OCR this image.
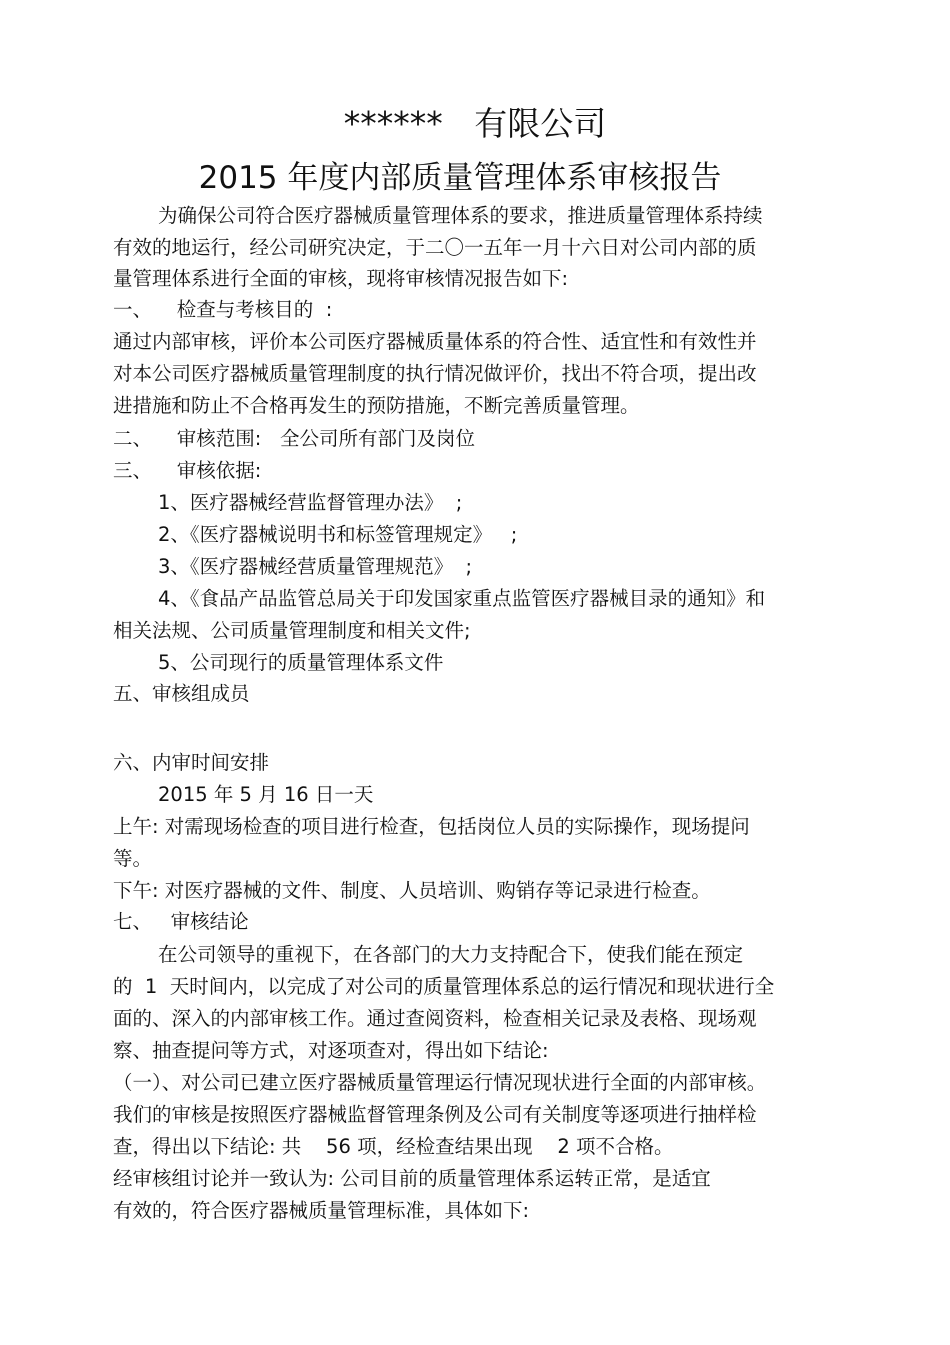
******   有限公司
2015 年度内部质量管理体系审核报告
为确保公司符合医疗器械质量管理体系的要求，推进质量管理体系持续
有效的地运行，经公司研究决定，于二〇一五年一月十六日对公司内部的质
量管理体系进行全面的审核，现将审核情况报告如下:
一、    检查与考核目的  :
通过内部审核，评价本公司医疗器械质量体系的符合性、适宜性和有效性并
对本公司医疗器械质量管理制度的执行情况做评价，找出不符合项，提出改
进措施和防止不合格再发生的预防措施，不断完善质量管理。
二、    审核范围:   全公司所有部门及岗位
三、    审核依据:
1、医疗器械经营监督管理办法》  ;
2、《医疗器械说明书和标签管理规定》   ;
3、《医疗器械经营质量管理规范》  ;
4、《食品产品监管总局关于印发国家重点监管医疗器械目录的通知》和
相关法规、公司质量管理制度和相关文件;
5、公司现行的质量管理体系文件
五、审核组成员
六、内审时间安排
2015 年 5 月 16 日一天
上午: 对需现场检查的项目进行检查，包括岗位人员的实际操作，现场提问
等。
下午: 对医疗器械的文件、制度、人员培训、购销存等记录进行检查。
七、   审核结论
在公司领导的重视下，在各部门的大力支持配合下，使我们能在预定
的  1  天时间内，以完成了对公司的质量管理体系总的运行情况和现状进行全
面的、深入的内部审核工作。通过查阅资料，检查相关记录及表格、现场观
察、抽查提问等方式，对逐项查对，得出如下结论:
（一）、对公司已建立医疗器械质量管理运行情况现状进行全面的内部审核。
我们的审核是按照医疗器械监督管理条例及公司有关制度等逐项进行抽样检
查，得出以下结论: 共    56 项，经检查结果出现    2 项不合格。
经审核组讨论并一致认为: 公司目前的质量管理体系运转正常，是适宜
有效的，符合医疗器械质量管理标准，具体如下:
